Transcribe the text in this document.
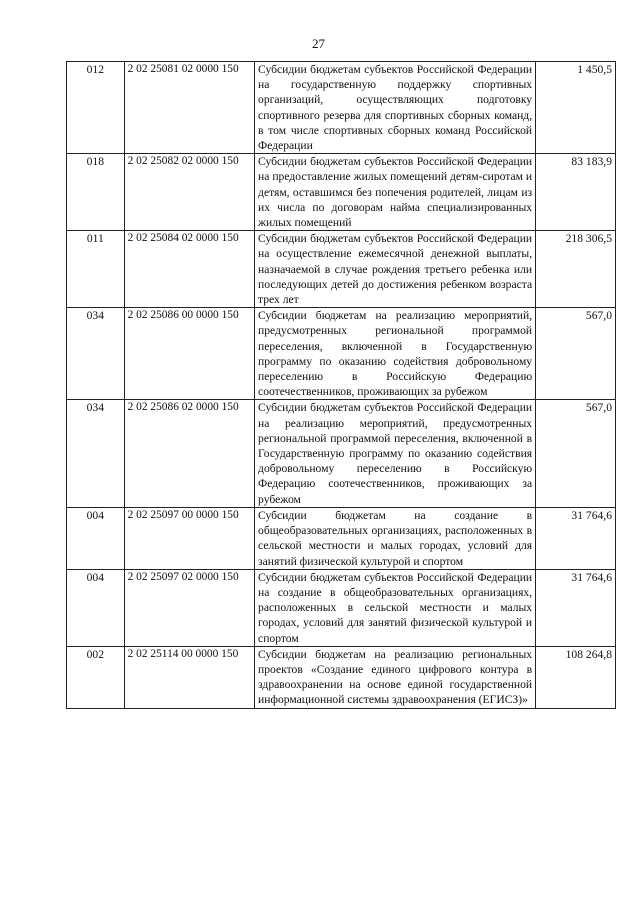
27
012	2 02 25081 02 0000 150	Субсидии бюджетам субъектов Российской Федерации на государственную поддержку спортивных организаций, осуществляющих подготовку спортивного резерва для спортивных сборных команд, в том числе спортивных сборных команд Российской Федерации	1 450,5
018	2 02 25082 02 0000 150	Субсидии бюджетам субъектов Российской Федерации на предоставление жилых помещений детям-сиротам и детям, оставшимся без попечения родителей, лицам из их числа по договорам найма специализированных жилых помещений	83 183,9
011	2 02 25084 02 0000 150	Субсидии бюджетам субъектов Российской Федерации на осуществление ежемесячной денежной выплаты, назначаемой в случае рождения третьего ребенка или последующих детей до достижения ребенком возраста трех лет	218 306,5
034	2 02 25086 00 0000 150	Субсидии бюджетам на реализацию мероприятий, предусмотренных региональной программой переселения, включенной в Государственную программу по оказанию содействия добровольному переселению в Российскую Федерацию соотечественников, проживающих за рубежом	567,0
034	2 02 25086 02 0000 150	Субсидии бюджетам субъектов Российской Федерации на реализацию мероприятий, предусмотренных региональной программой переселения, включенной в Государственную программу по оказанию содействия добровольному переселению в Российскую Федерацию соотечественников, проживающих за рубежом	567,0
004	2 02 25097 00 0000 150	Субсидии бюджетам на создание в общеобразовательных организациях, расположенных в сельской местности и малых городах, условий для занятий физической культурой и спортом	31 764,6
004	2 02 25097 02 0000 150	Субсидии бюджетам субъектов Российской Федерации на создание в общеобразовательных организациях, расположенных в сельской местности и малых городах, условий для занятий физической культурой и спортом	31 764,6
002	2 02 25114 00 0000 150	Субсидии бюджетам на реализацию региональных проектов «Создание единого цифрового контура в здравоохранении на основе единой государственной информационной системы здравоохранения (ЕГИСЗ)»	108 264,8
